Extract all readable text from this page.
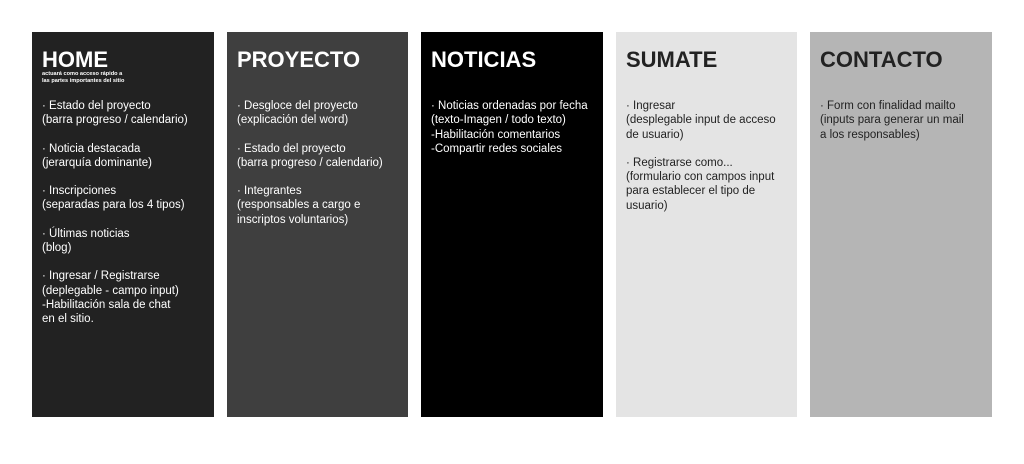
HOME
actuará como acceso rápido a
las partes importantes del sitio
· Estado del proyecto
(barra progreso / calendario)
· Noticia destacada
(jerarquía dominante)
· Inscripciones
(separadas para los 4 tipos)
· Últimas noticias
(blog)
· Ingresar / Registrarse
(deplegable - campo input)
-Habilitación sala de chat
en el sitio.
PROYECTO
· Desgloce del proyecto
(explicación del word)
· Estado del proyecto
(barra progreso / calendario)
· Integrantes
(responsables a cargo e
inscriptos voluntarios)
NOTICIAS
· Noticias ordenadas por fecha
(texto-Imagen / todo texto)
-Habilitación comentarios
-Compartir redes sociales
SUMATE
· Ingresar
(desplegable input de acceso
de usuario)
· Registrarse como...
(formulario con campos input
para establecer el tipo de
usuario)
CONTACTO
· Form con finalidad mailto
(inputs para generar un mail
a los responsables)
